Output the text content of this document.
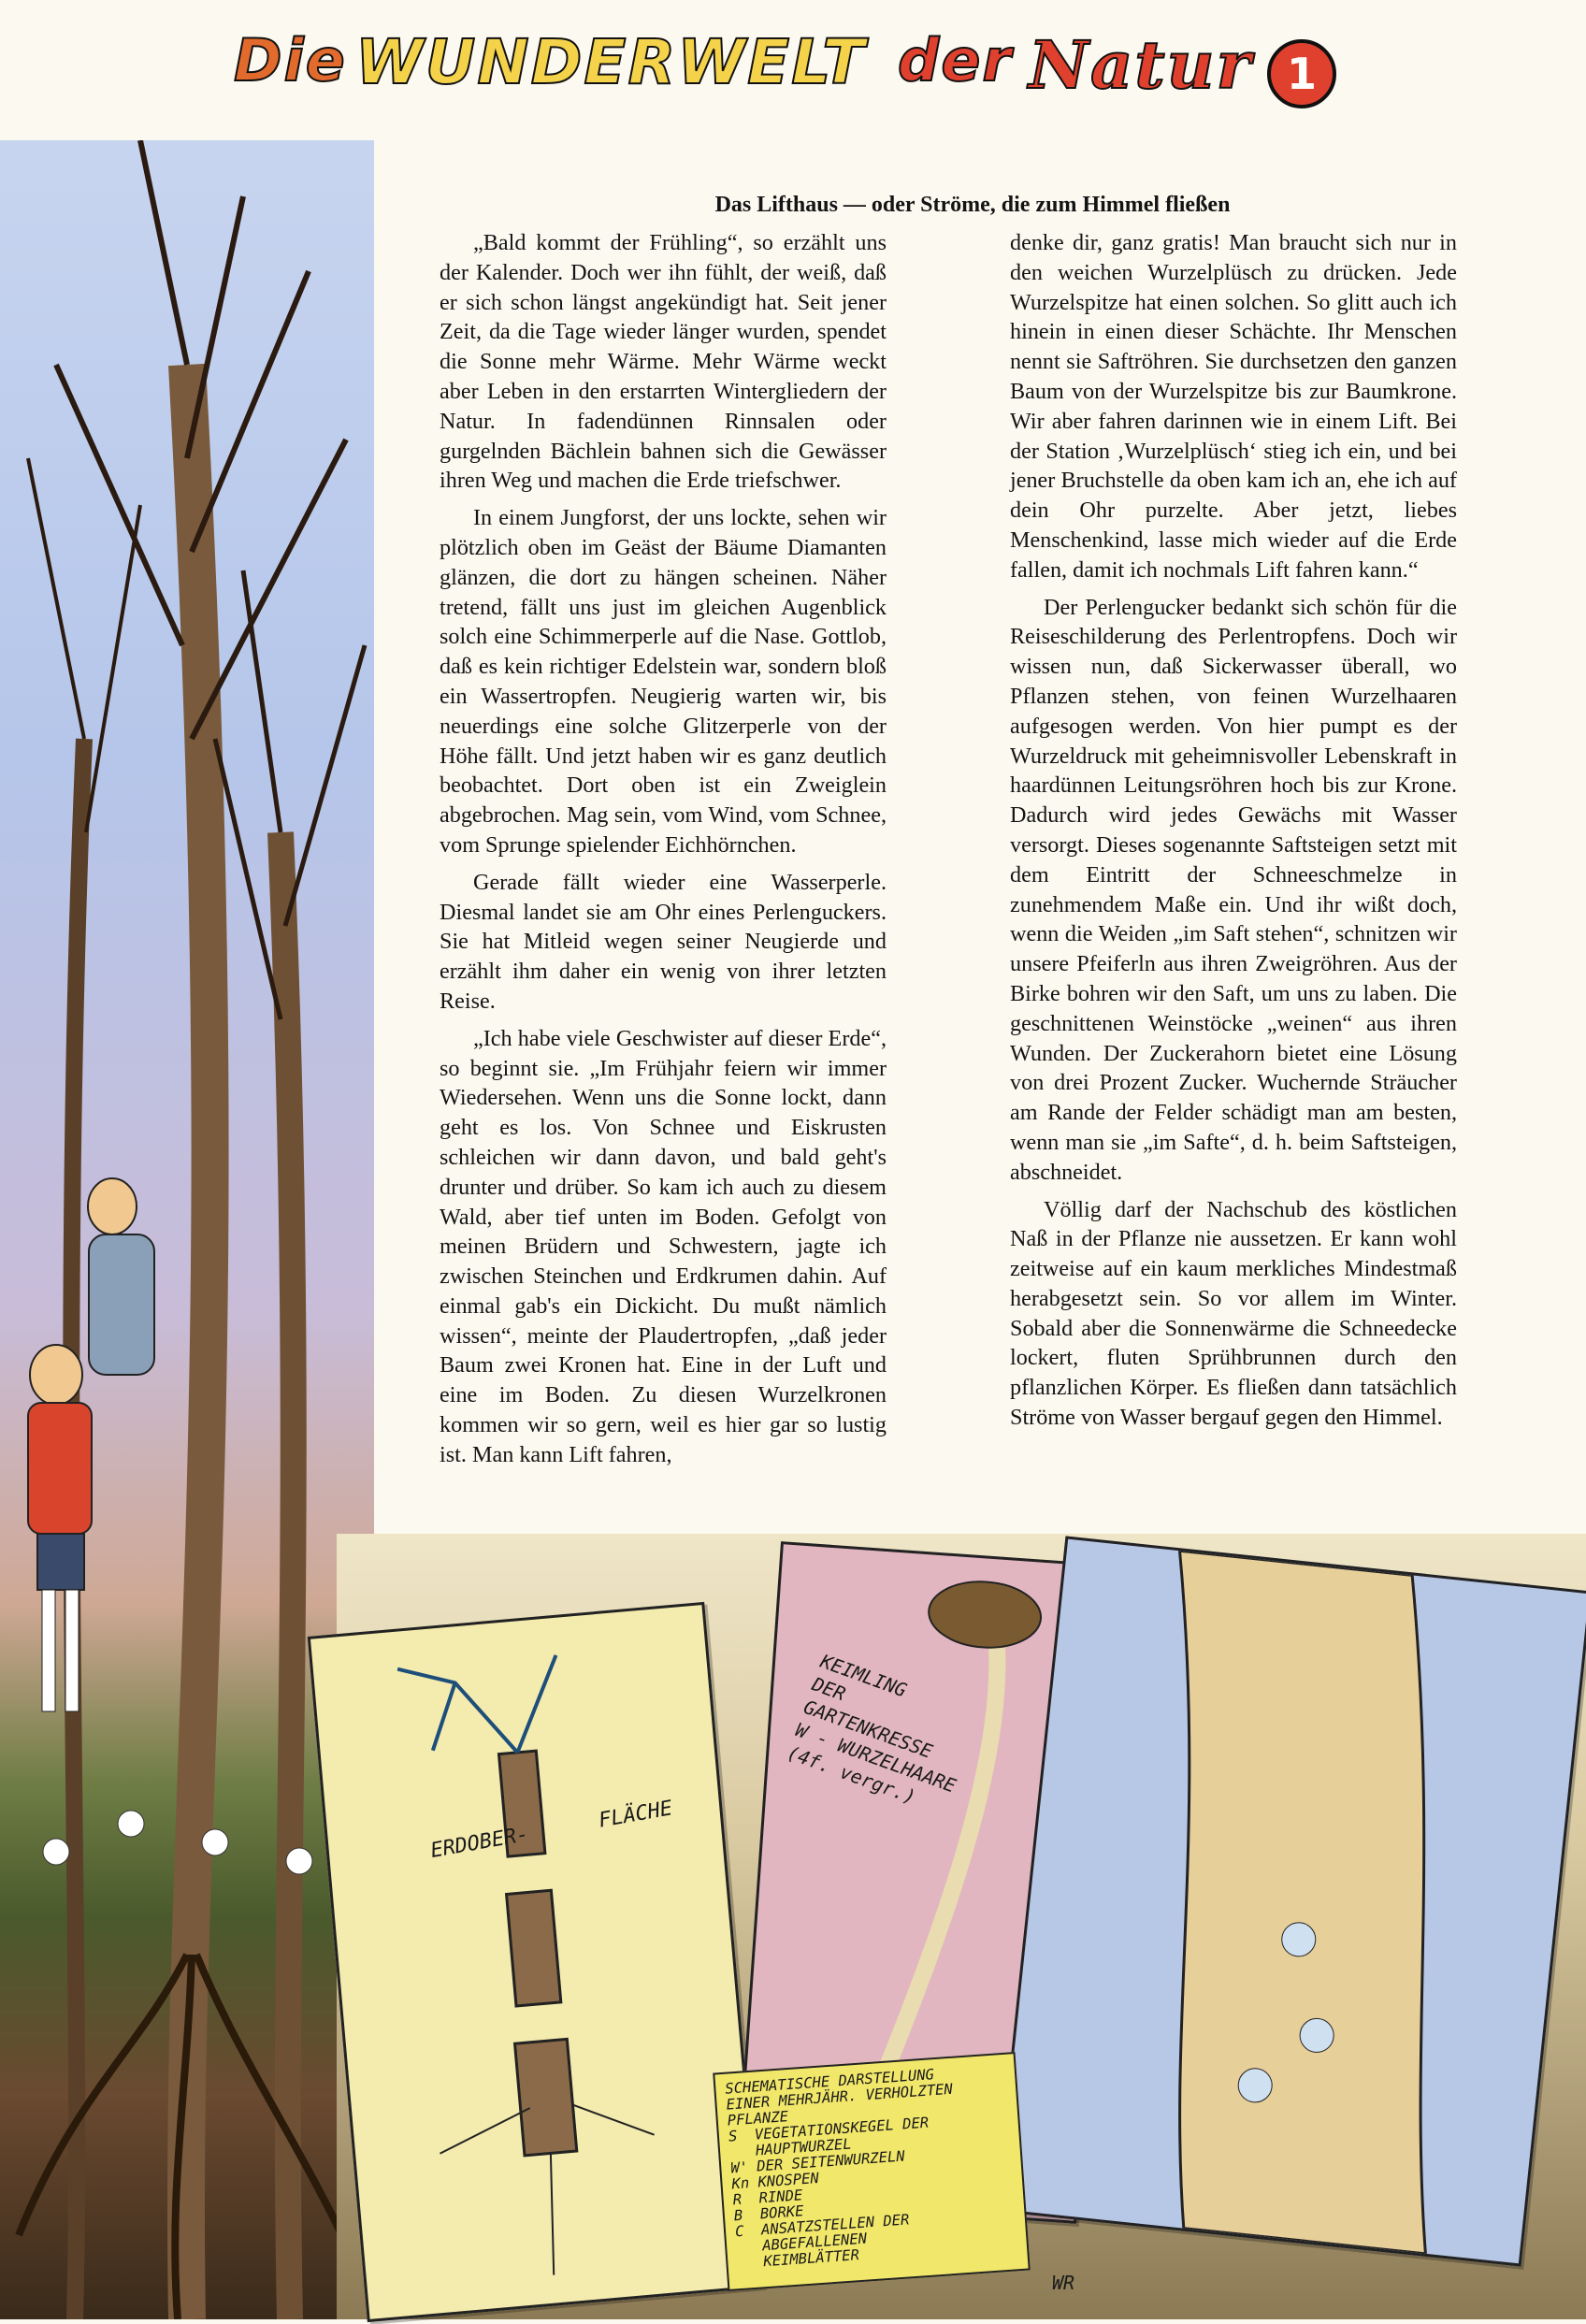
Die WUNDERWELT der Natur 1
Das Lifthaus — oder Ströme, die zum Himmel fließen

„Bald kommt der Frühling“, so erzählt uns der Kalender. Doch wer ihn fühlt, der weiß, daß er sich schon längst angekündigt hat. Seit jener Zeit, da die Tage wieder länger wurden, spendet die Sonne mehr Wärme. Mehr Wärme weckt aber Leben in den erstarrten Wintergliedern der Natur. In fadendünnen Rinnsalen oder gurgelnden Bächlein bahnen sich die Gewässer ihren Weg und machen die Erde triefschwer.

In einem Jungforst, der uns lockte, sehen wir plötzlich oben im Geäst der Bäume Diamanten glänzen, die dort zu hängen scheinen. Näher tretend, fällt uns just im gleichen Augenblick solch eine Schimmerperle auf die Nase. Gottlob, daß es kein richtiger Edelstein war, sondern bloß ein Wassertropfen. Neugierig warten wir, bis neuerdings eine solche Glitzerperle von der Höhe fällt. Und jetzt haben wir es ganz deutlich beobachtet. Dort oben ist ein Zweiglein abgebrochen. Mag sein, vom Wind, vom Schnee, vom Sprunge spielender Eichhörnchen.

Gerade fällt wieder eine Wasserperle. Diesmal landet sie am Ohr eines Perlenguckers. Sie hat Mitleid wegen seiner Neugierde und erzählt ihm daher ein wenig von ihrer letzten Reise.

„Ich habe viele Geschwister auf dieser Erde“, so beginnt sie. „Im Frühjahr feiern wir immer Wiedersehen. Wenn uns die Sonne lockt, dann geht es los. Von Schnee und Eiskrusten schleichen wir dann davon, und bald geht's drunter und drüber. So kam ich auch zu diesem Wald, aber tief unten im Boden. Gefolgt von meinen Brüdern und Schwestern, jagte ich zwischen Steinchen und Erdkrumen dahin. Auf einmal gab's ein Dickicht. Du mußt nämlich wissen“, meinte der Plaudertropfen, „daß jeder Baum zwei Kronen hat. Eine in der Luft und eine im Boden. Zu diesen Wurzelkronen kommen wir so gern, weil es hier gar so lustig ist. Man kann Lift fahren,

denke dir, ganz gratis! Man braucht sich nur in den weichen Wurzelplüsch zu drücken. Jede Wurzelspitze hat einen solchen. So glitt auch ich hinein in einen dieser Schächte. Ihr Menschen nennt sie Saftröhren. Sie durchsetzen den ganzen Baum von der Wurzelspitze bis zur Baumkrone. Wir aber fahren darinnen wie in einem Lift. Bei der Station ‚Wurzelplüsch‘ stieg ich ein, und bei jener Bruchstelle da oben kam ich an, ehe ich auf dein Ohr purzelte. Aber jetzt, liebes Menschenkind, lasse mich wieder auf die Erde fallen, damit ich nochmals Lift fahren kann.“

Der Perlengucker bedankt sich schön für die Reiseschilderung des Perlentropfens. Doch wir wissen nun, daß Sickerwasser überall, wo Pflanzen stehen, von feinen Wurzelhaaren aufgesogen werden. Von hier pumpt es der Wurzeldruck mit geheimnisvoller Lebenskraft in haardünnen Leitungsröhren hoch bis zur Krone. Dadurch wird jedes Gewächs mit Wasser versorgt. Dieses sogenannte Saftsteigen setzt mit dem Eintritt der Schneeschmelze in zunehmendem Maße ein. Und ihr wißt doch, wenn die Weiden „im Saft stehen“, schnitzen wir unsere Pfeiferln aus ihren Zweigröhren. Aus der Birke bohren wir den Saft, um uns zu laben. Die geschnittenen Weinstöcke „weinen“ aus ihren Wunden. Der Zuckerahorn bietet eine Lösung von drei Prozent Zucker. Wuchernde Sträucher am Rande der Felder schädigt man am besten, wenn man sie „im Safte“, d. h. beim Saftsteigen, abschneidet.

Völlig darf der Nachschub des köstlichen Naß in der Pflanze nie aussetzen. Er kann wohl zeitweise auf ein kaum merkliches Mindestmaß herabgesetzt sein. So vor allem im Winter. Sobald aber die Sonnenwärme die Schneedecke lockert, fluten Sprühbrunnen durch den pflanzlichen Körper. Es fließen dann tatsächlich Ströme von Wasser bergauf gegen den Himmel.

ERDOBER-
FLÄCHE
KEIMLING
DER
GARTENKRESSE
W - WURZELHAARE
(4f. vergr.)
SCHEMATISCHE DARSTELLUNG
EINER MEHRJÄHR. VERHOLZTEN
PFLANZE
S  VEGETATIONSKEGEL DER
HAUPTWURZEL
W' DER SEITENWURZELN
Kn KNOSPEN
R  RINDE
B  BORKE
C  ANSATZSTELLEN DER
ABGEFALLENEN
KEIMBLÄTTER
WR
